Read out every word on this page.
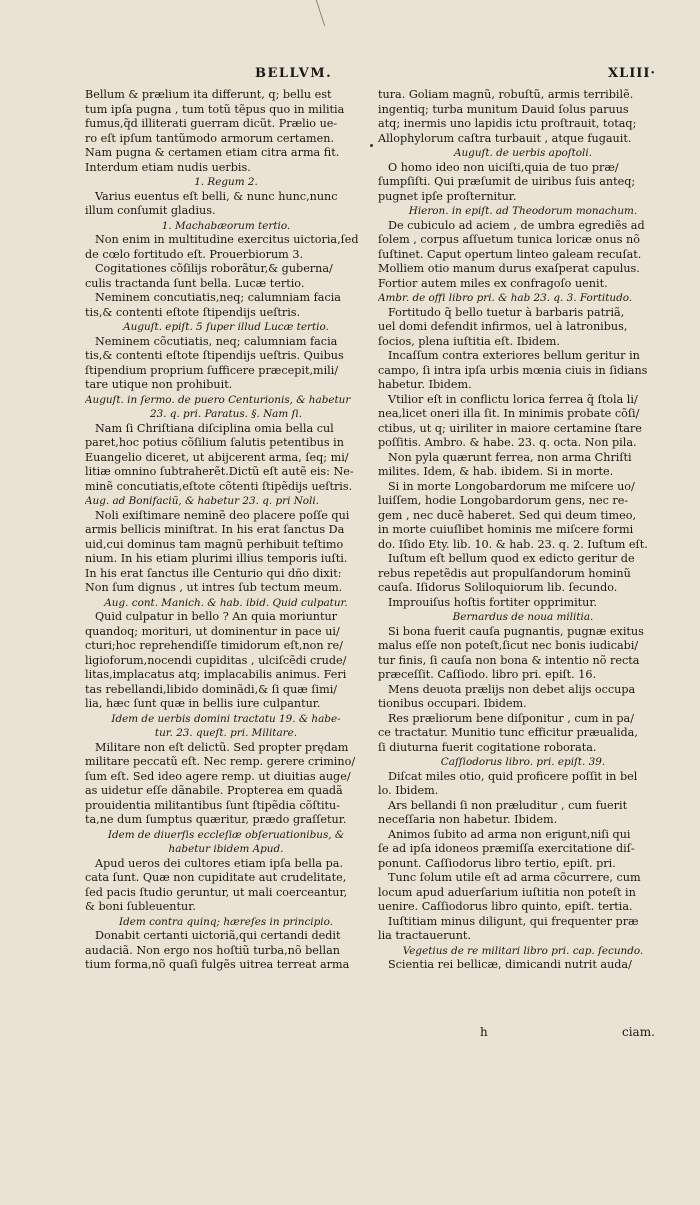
BELLVM.	XLIII·
Bellum & prælium ita differunt, q; bellu est
tum ipſa pugna , tum totũ tẽpus quo in militia
fumus,q̃d illiterati guerram dicũt. Prælio ue-
ro eſt ipſum tantũmodo armorum certamen.
Nam pugna & certamen etiam citra arma fit.
Interdum etiam nudis uerbis.
1. Regum 2.
Varius euentus eſt belli, & nunc hunc,nunc
illum conſumit gladius.
1. Machabæorum tertio.
Non enim in multitudine exercitus uictoria,ſed
de cœlo fortitudo eſt. Prouerbiorum 3.
Cogitationes cõſilijs roborãtur,& guberna/
culis tractanda ſunt bella. Lucæ tertio.
Neminem concutiatis,neq; calumniam facia
tis,& contenti eſtote ſtipendijs ueſtris.
Auguſt. epiſt. 5 ſuper illud Lucæ tertio.
Neminem cõcutiatis, neq; calumniam facia
tis,& contenti eſtote ſtipendijs ueſtris. Quibus
ſtipendium proprium ſufficere præcepit,mili/
tare utique non prohibuit.
Auguſt. in ſermo. de puero Centurionis, & habetur
23. q. pri. Paratus. §. Nam ſi.
Nam ſi Chriſtiana diſciplina omia bella cul
paret,hoc potius cõſilium ſalutis petentibus in
Euangelio diceret, ut abijcerent arma, ſeq; mi/
litiæ omnino ſubtraherẽt.Dictũ eſt autẽ eis: Ne-
minẽ concutiatis,eſtote cõtenti ſtipẽdijs ueſtris.
Aug. ad Bonifaciũ, & habetur 23. q. pri Noli.
Noli exiſtimare neminẽ deo placere poſſe qui
armis bellicis miniſtrat. In his erat ſanctus Da
uid,cui dominus tam magnũ perhibuit teſtimo
nium. In his etiam plurimi illius temporis iuſti.
In his erat ſanctus ille Centurio qui dño dixit:
Non ſum dignus , ut intres ſub tectum meum.
Aug. cont. Manich. & hab. ibid. Quid culpatur.
Quid culpatur in bello ? An quia moriuntur
quandoq; morituri, ut dominentur in pace ui/
cturi;hoc reprehendiſſe timidorum eſt,non re/
ligioforum,nocendi cupiditas , ulciſcẽdi crude/
litas,implacatus atq; implacabilis animus. Feri
tas rebellandi,libido dominãdi,& ſi quæ ſimi/
lia, hæc ſunt quæ in bellis iure culpantur.
Idem de uerbis domini tractatu 19. & habe-
tur. 23. queſt. pri. Militare.
Militare non eſt delictũ. Sed propter prędam
militare peccatũ eſt. Nec remp. gerere crimino/
ſum eſt. Sed ideo agere remp. ut diuitias auge/
as uidetur eſſe dãnabile. Propterea em quadã
prouidentia militantibus ſunt ſtipẽdia cõſtitu-
ta,ne dum ſumptus quæritur, prædo graſſetur.
Idem de diuerſis eccleſiæ obſeruationibus, &
habetur ibidem Apud.
Apud ueros dei cultores etiam ipſa bella pa.
cata ſunt. Quæ non cupiditate aut crudelitate,
ſed pacis ſtudio geruntur, ut mali coerceantur,
& boni ſubleuentur.
Idem contra quinq; hæreſes in principio.
Donabit certanti uictoriã,qui certandi dedit
audaciã. Non ergo nos hoſtiũ turba,nõ bellan
tium forma,nõ quaſi fulgẽs uitrea terreat arma
tura. Goliam magnũ, robuſtũ, armis terribilẽ.
ingentiq; turba munitum Dauid ſolus paruus
atq; inermis uno lapidis ictu proſtrauit, totaq;
Allophylorum caſtra turbauit , atque fugauit.
Auguſt. de uerbis apoſtoli.
O homo ideo non uiciſti,quia de tuo præ/
ſumpſiſti. Qui præſumit de uiribus ſuis anteq;
pugnet ipſe proſternitur.
Hieron. in epiſt. ad Theodorum monachum.
De cubiculo ad aciem , de umbra egrediẽs ad
ſolem , corpus aſſuetum tunica loricæ onus nõ
ſuſtinet. Caput opertum linteo galeam recuſat.
Molliem otio manum durus exaſperat capulus.
Fortior autem miles ex confragoſo uenit.
Ambr. de offi libro pri. & hab 23. q. 3. Fortitudo.
Fortitudo q̃ bello tuetur à barbaris patriã,
uel domi defendit infirmos, uel à latronibus,
ſocios, plena iuſtitia eſt. Ibidem.
Incaſſum contra exteriores bellum geritur in
campo, ſi intra ipſa urbis mœnia ciuis in ſidians
habetur. Ibidem.
Vtilior eſt in conflictu lorica ferrea q̃ ſtola li/
nea,licet oneri illa ſit. In minimis probate cõſi/
ctibus, ut q; uiriliter in maiore certamine ſtare
poſſitis. Ambro. & habe. 23. q. octa. Non pila.
Non pyla quærunt ferrea, non arma Chriſti
milites. Idem, & hab. ibidem. Si in morte.
Si in morte Longobardorum me miſcere uo/
luiſſem, hodie Longobardorum gens, nec re-
gem , nec ducẽ haberet. Sed qui deum timeo,
in morte cuiuſlibet hominis me miſcere formi
do. Iſido Ety. lib. 10. & hab. 23. q. 2. Iuſtum eſt.
Iuſtum eſt bellum quod ex edicto geritur de
rebus repetẽdis aut propulſandorum hominũ
cauſa. Iſidorus Soliloquiorum lib. ſecundo.
Improuiſus hoſtis fortiter opprimitur.
Bernardus de noua militia.
Si bona fuerit cauſa pugnantis, pugnæ exitus
malus eſſe non poteſt,ſicut nec bonis iudicabi/
tur finis, ſi cauſa non bona & intentio nõ recta
præceſſit. Caſſiodo. libro pri. epiſt. 16.
Mens deuota prælijs non debet alijs occupa
tionibus occupari. Ibidem.
Res præliorum bene diſponitur , cum in pa/
ce tractatur. Munitio tunc efficitur præualida,
ſi diuturna fuerit cogitatione roborata.
Caſſiodorus libro. pri. epiſt. 39.
Diſcat miles otio, quid proficere poſſit in bel
lo. Ibidem.
Ars bellandi ſi non præluditur , cum fuerit
neceſſaria non habetur. Ibidem.
Animos ſubito ad arma non erigunt,niſi qui
ſe ad ipſa idoneos præmiſſa exercitatione diſ-
ponunt. Caſſiodorus libro tertio, epiſt. pri.
Tunc ſolum utile eſt ad arma cõcurrere, cum
locum apud aduerſarium iuſtitia non poteſt in
uenire. Caſſiodorus libro quinto, epiſt. tertia.
Iuſtitiam minus diligunt, qui frequenter præ
lia tractauerunt.
Vegetius de re militari libro pri. cap. ſecundo.
Scientia rei bellicæ, dimicandi nutrit auda/
h	ciam.
